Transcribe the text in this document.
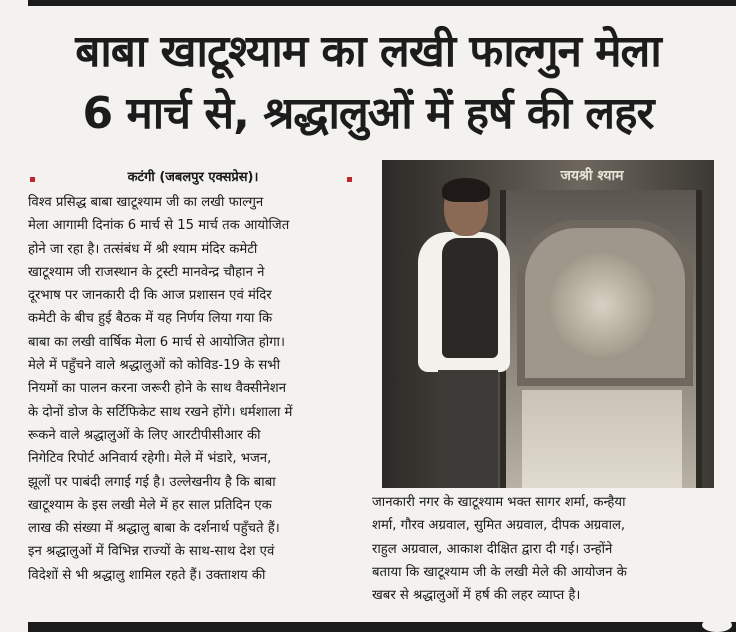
बाबा खाटूश्याम का लखी फाल्गुन मेला
6 मार्च से, श्रद्धालुओं में हर्ष की लहर
कटंगी (जबलपुर एक्सप्रेस)।
विश्व प्रसिद्ध बाबा खाटूश्याम जी का लखी फाल्गुन
मेला आगामी दिनांक 6 मार्च से 15 मार्च तक आयोजित
होने जा रहा है। तत्संबंध में श्री श्याम मंदिर कमेटी
खाटूश्याम जी राजस्थान के ट्रस्टी मानवेन्द्र चौहान ने
दूरभाष पर जानकारी दी कि आज प्रशासन एवं मंदिर
कमेटी के बीच हुई बैठक में यह निर्णय लिया गया कि
बाबा का लखी वार्षिक मेला 6 मार्च से आयोजित होगा।
मेले में पहुँचने वाले श्रद्धालुओं को कोविड-19 के सभी
नियमों का पालन करना जरूरी होने के साथ वैक्सीनेशन
के दोनों डोज के सर्टिफिकेट साथ रखने होंगे। धर्मशाला में
रूकने वाले श्रद्धालुओं के लिए आरटीपीसीआर की
निगेटिव रिपोर्ट अनिवार्य रहेगी। मेले में भंडारे, भजन,
झूलों पर पाबंदी लगाई गई है। उल्लेखनीय है कि बाबा
खाटूश्याम के इस लखी मेले में हर साल प्रतिदिन एक
लाख की संख्या में श्रद्धालु बाबा के दर्शनार्थ पहुँचते हैं।
इन श्रद्धालुओं में विभिन्न राज्यों के साथ-साथ देश एवं
विदेशों से भी श्रद्धालु शामिल रहते हैं। उक्ताशय की
जयश्री श्याम
जानकारी नगर के खाटूश्याम भक्त सागर शर्मा, कन्हैया
शर्मा, गौरव अग्रवाल, सुमित अग्रवाल, दीपक अग्रवाल,
राहुल अग्रवाल, आकाश दीक्षित द्वारा दी गई। उन्होंने
बताया कि खाटूश्याम जी के लखी मेले की आयोजन के
खबर से श्रद्धालुओं में हर्ष की लहर व्याप्त है।
